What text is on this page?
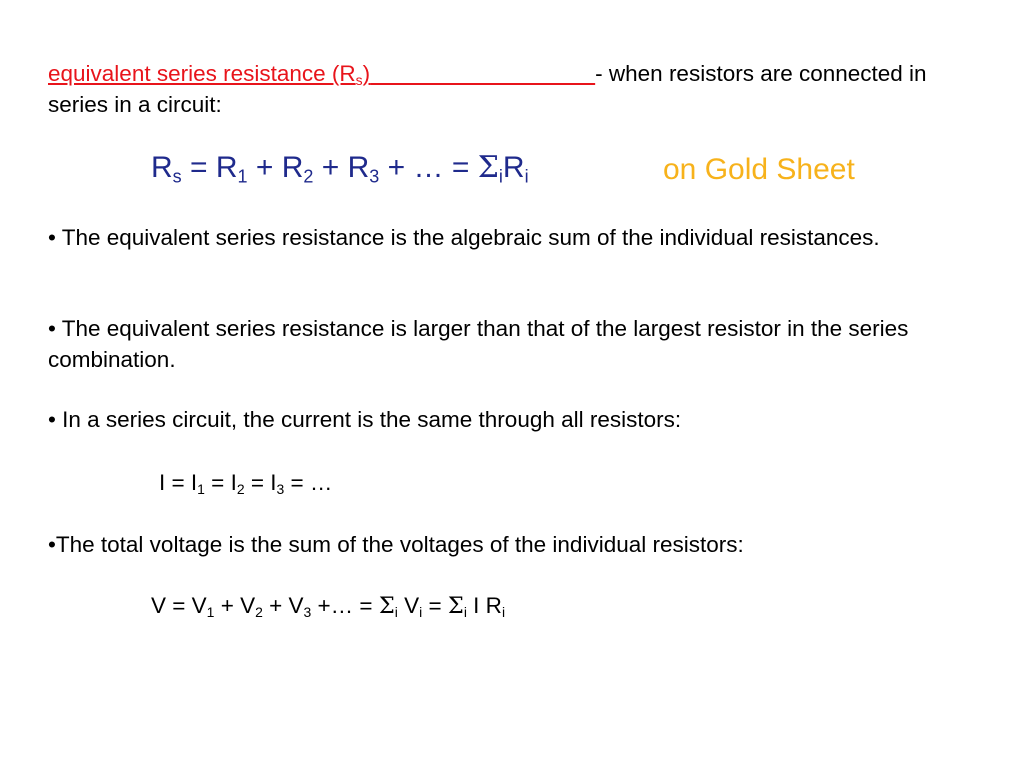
equivalent series resistance $(R_s)$	- when resistors are connected in series in a circuit:
$R_s = R_1 + R_2 + R_3$ + … = $\Sigma_iR_i$	on Gold Sheet
• The equivalent series resistance is the algebraic sum of the individual resistances.
• The equivalent series resistance is larger than that of the largest resistor in the series combination.
• In a series circuit, the current is the same through all resistors:
$I = I_1 = I_2 = I_3$ = …
•The total voltage is the sum of the voltages of the individual resistors:
$V = V_1 + V_2 + V_3$ +… = $\Sigma_i$ $V_i = \Sigma_i$ I $R_i$
